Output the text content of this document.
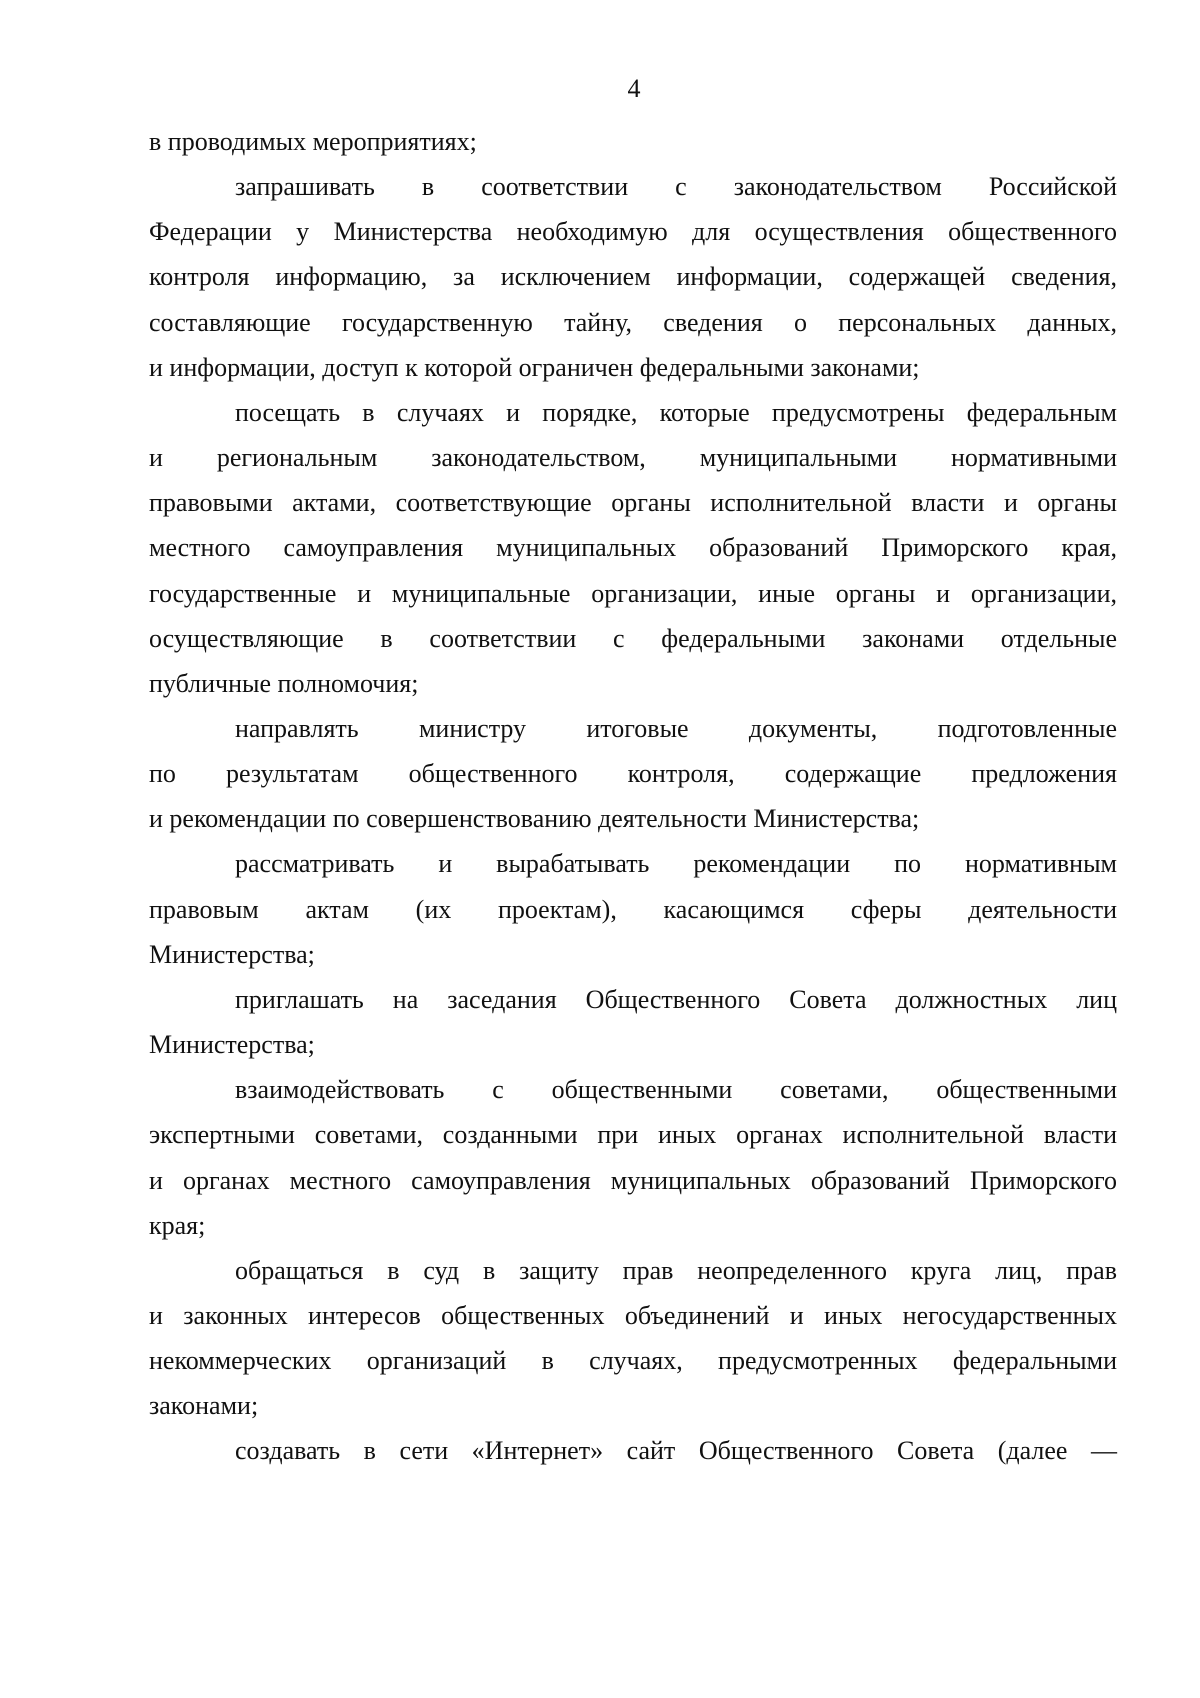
4
в проводимых мероприятиях;
запрашивать в соответствии с законодательством Российской
Федерации у Министерства необходимую для осуществления общественного
контроля информацию, за исключением информации, содержащей сведения,
составляющие государственную тайну, сведения о персональных данных,
и информации, доступ к которой ограничен федеральными законами;
посещать в случаях и порядке, которые предусмотрены федеральным
и региональным законодательством, муниципальными нормативными
правовыми актами, соответствующие органы исполнительной власти и органы
местного самоуправления муниципальных образований Приморского края,
государственные и муниципальные организации, иные органы и организации,
осуществляющие в соответствии с федеральными законами отдельные
публичные полномочия;
направлять министру итоговые документы, подготовленные
по результатам общественного контроля, содержащие предложения
и рекомендации по совершенствованию деятельности Министерства;
рассматривать и вырабатывать рекомендации по нормативным
правовым актам (их проектам), касающимся сферы деятельности
Министерства;
приглашать на заседания Общественного Совета должностных лиц
Министерства;
взаимодействовать с общественными советами, общественными
экспертными советами, созданными при иных органах исполнительной власти
и органах местного самоуправления муниципальных образований Приморского
края;
обращаться в суд в защиту прав неопределенного круга лиц, прав
и законных интересов общественных объединений и иных негосударственных
некоммерческих организаций в случаях, предусмотренных федеральными
законами;
создавать в сети «Интернет» сайт Общественного Совета (далее —
